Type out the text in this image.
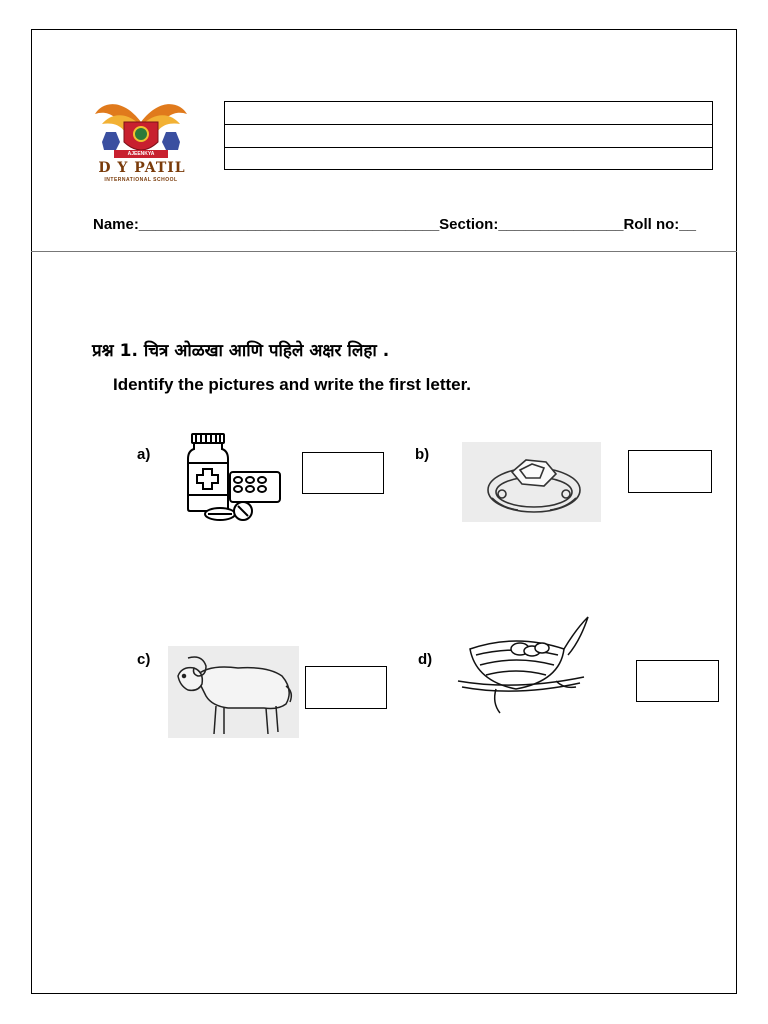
D Y PATIL
INTERNATIONAL SCHOOL
AJEENKYA
Name:____________________________________Section:_______________Roll no:__
प्रश्न 1. चित्र ओळखा आणि पहिले अक्षर लिहा .
Identify the pictures and write the first letter.
a)	b)
c)	d)
